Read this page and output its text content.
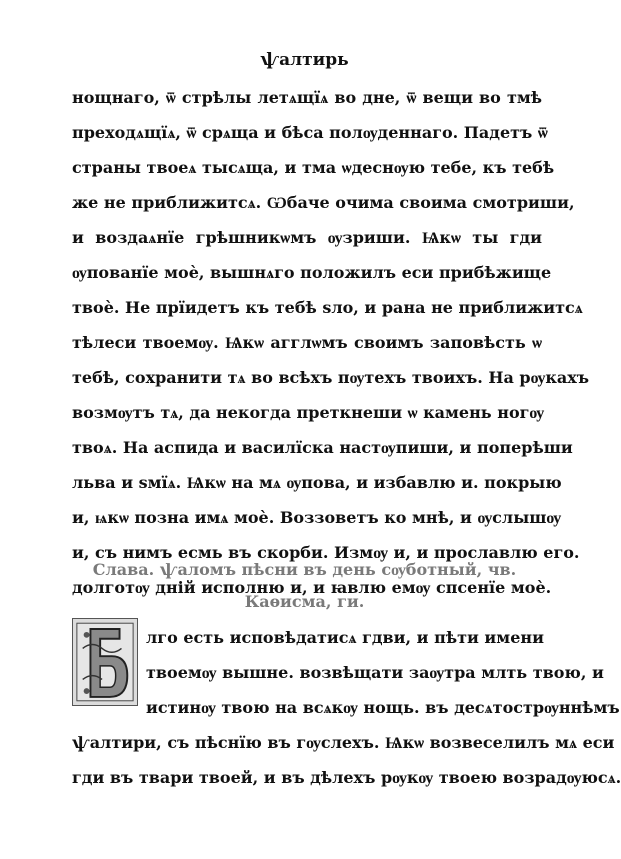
ѱалтирь
нощнаго, ѿ стрѣлы летѧщїѧ во дне, ѿ вещи во тмѣ
преходѧщїѧ, ѿ срѧща и бѣса полѹденнаго. Падетъ ѿ
страны твоеѧ тысѧща, и тма ѡдеснѹю тебе, къ тебѣ
же не приближитсѧ. Ѡбаче очима своима смотриши,
и воздаѧнїе грѣшникѡмъ ѹзриши. Ѩкѡ ты гди
ѹпованїе моѐ, вышнѧго положилъ еси прибѣжище
твоѐ. Не прїидетъ къ тебѣ ѕло, и рана не приближитсѧ
тѣлеси твоемѹ. Ѩкѡ агглѡмъ своимъ заповѣсть ѡ
тебѣ, сохранити тѧ во всѣхъ пѹтехъ твоихъ. На рѹкахъ
возмѹтъ тѧ, да некогда преткнеши ѡ камень ногѹ
твоѧ. На аспида и василїска настѹпиши, и поперѣши
льва и ѕмїѧ. Ѩкѡ на мѧ ѹпова, и избавлю и. покрыю
и, ѩкѡ позна имѧ моѐ. Воззоветъ ко мнѣ, и ѹслышѹ
и, съ нимъ есмь въ скорби. Измѹ и, и прославлю его.
долготѹ дній исполню и, и ꙗвлю емѹ спсенїе моѐ.
Слава. ѱаломъ пѣсни въ день сѹботный, чв.
Каѳисма, ги.
лго есть исповѣдатисѧ гдви, и пѣти имени
твоемѹ вышне. возвѣщати заѹтра млть твою, и
истинѹ твою на всѧкѹ нощь. въ десѧтострѹннѣмъ
ѱалтири, съ пѣснїю въ гѹслехъ. Ѩкѡ возвеселилъ мѧ еси
гди въ твари твоей, и въ дѣлехъ рѹкѹ твоею возрадѹюсѧ.
